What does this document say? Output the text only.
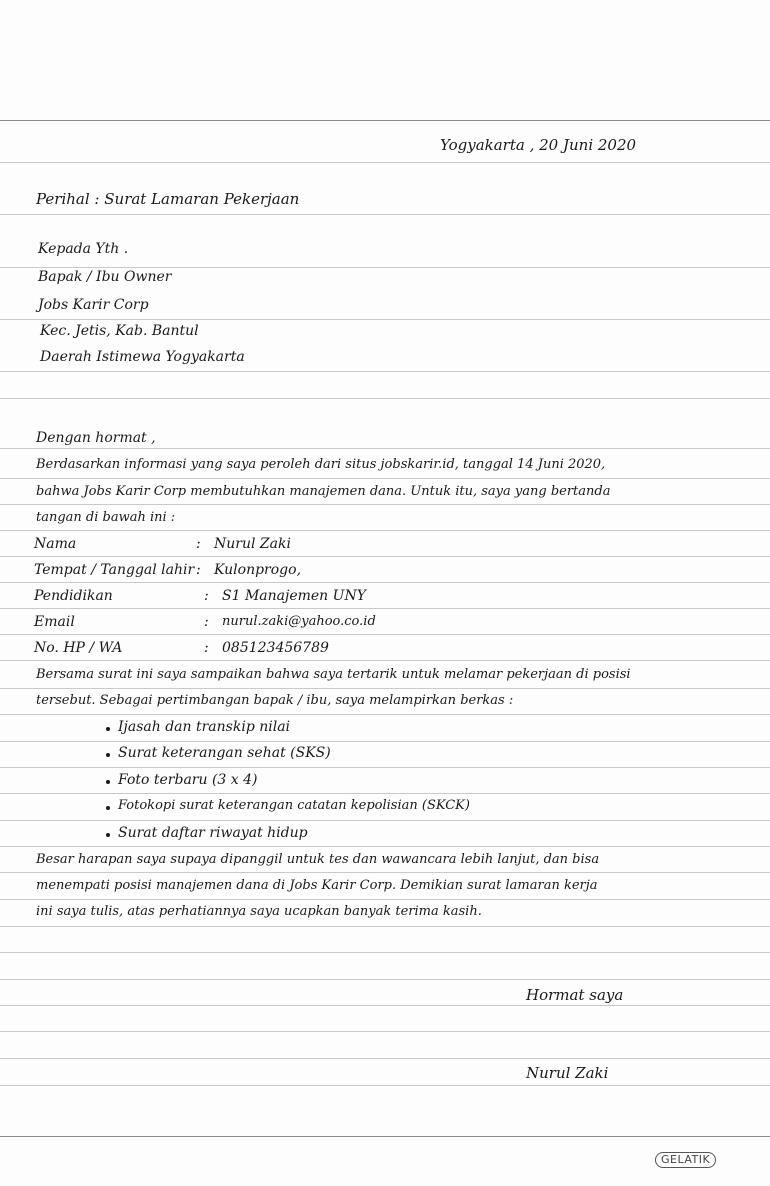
Yogyakarta , 20 Juni 2020
Perihal : Surat Lamaran Pekerjaan
Kepada Yth .
Bapak / Ibu Owner
Jobs Karir Corp
Kec. Jetis, Kab. Bantul
Daerah Istimewa Yogyakarta
Dengan hormat ,
Berdasarkan informasi yang saya peroleh dari situs jobskarir.id, tanggal 14 Juni 2020,
bahwa Jobs Karir Corp membutuhkan manajemen dana. Untuk itu, saya yang bertanda
tangan di bawah ini :
Nama	: Nurul Zaki
Tempat / Tanggal lahir : Kulonprogo,
Pendidikan	: S1 Manajemen UNY
Email	: nurul.zaki@yahoo.co.id
No. HP / WA	: 085123456789
Bersama surat ini saya sampaikan bahwa saya tertarik untuk melamar pekerjaan di posisi
tersebut. Sebagai pertimbangan bapak / ibu, saya melampirkan berkas :
Ijasah dan transkip nilai
Surat keterangan sehat (SKS)
Foto terbaru (3 x 4)
Fotokopi surat keterangan catatan kepolisian (SKCK)
Surat daftar riwayat hidup
Besar harapan saya supaya dipanggil untuk tes dan wawancara lebih lanjut, dan bisa
menempati posisi manajemen dana di Jobs Karir Corp. Demikian surat lamaran kerja
ini saya tulis, atas perhatiannya saya ucapkan banyak terima kasih.
Hormat saya
Nurul Zaki
GELATIK
